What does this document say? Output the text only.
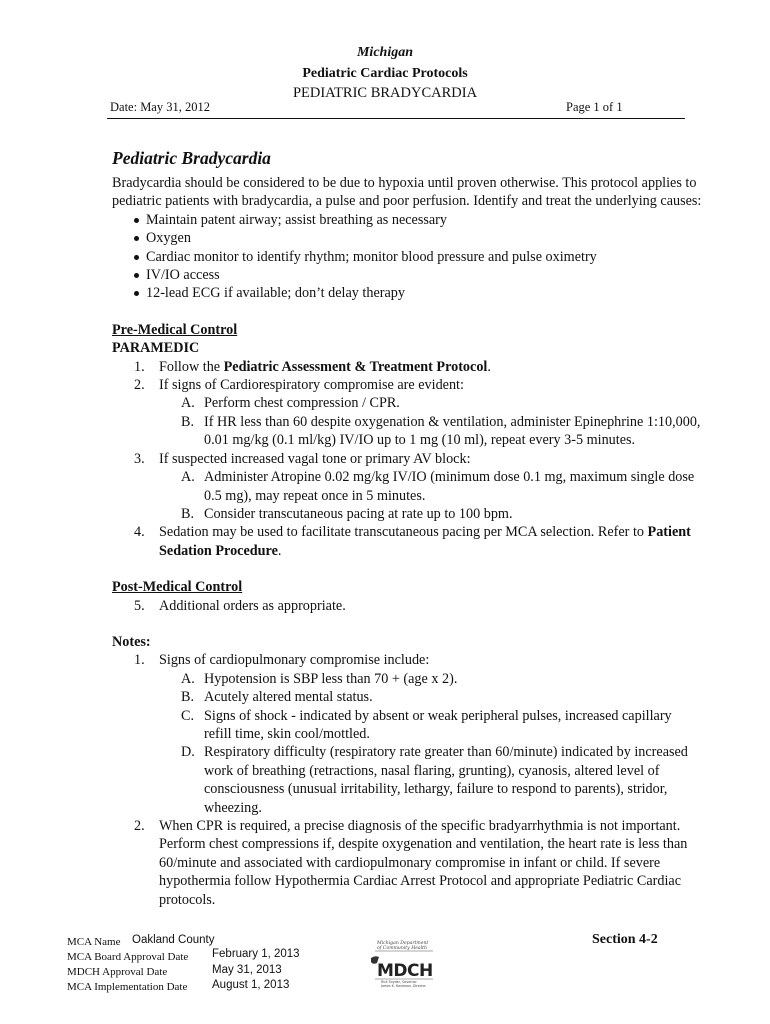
Michigan
Pediatric Cardiac Protocols
PEDIATRIC BRADYCARDIA
Date: May 31, 2012	Page 1 of 1
Pediatric Bradycardia

Bradycardia should be considered to be due to hypoxia until proven otherwise. This protocol applies to pediatric patients with bradycardia, a pulse and poor perfusion. Identify and treat the underlying causes:

Maintain patent airway; assist breathing as necessary
Oxygen
Cardiac monitor to identify rhythm; monitor blood pressure and pulse oximetry
IV/IO access
12-lead ECG if available; don’t delay therapy

Pre-Medical Control

PARAMEDIC

1. Follow the Pediatric Assessment & Treatment Protocol.
2. If signs of Cardiorespiratory compromise are evident:
A. Perform chest compression / CPR.
B. If HR less than 60 despite oxygenation & ventilation, administer Epinephrine 1:10,000, 0.01 mg/kg (0.1 ml/kg) IV/IO up to 1 mg (10 ml), repeat every 3-5 minutes.
3. If suspected increased vagal tone or primary AV block:
A. Administer Atropine 0.02 mg/kg IV/IO (minimum dose 0.1 mg, maximum single dose 0.5 mg), may repeat once in 5 minutes.
B. Consider transcutaneous pacing at rate up to 100 bpm.
4. Sedation may be used to facilitate transcutaneous pacing per MCA selection. Refer to Patient Sedation Procedure.

Post-Medical Control

5. Additional orders as appropriate.

Notes:

1. Signs of cardiopulmonary compromise include:
A. Hypotension is SBP less than 70 + (age x 2).
B. Acutely altered mental status.
C. Signs of shock - indicated by absent or weak peripheral pulses, increased capillary refill time, skin cool/mottled.
D. Respiratory difficulty (respiratory rate greater than 60/minute) indicated by increased work of breathing (retractions, nasal flaring, grunting), cyanosis, altered level of consciousness (unusual irritability, lethargy, failure to respond to parents), stridor, wheezing.
2. When CPR is required, a precise diagnosis of the specific bradyarrhythmia is not important. Perform chest compressions if, despite oxygenation and ventilation, the heart rate is less than 60/minute and associated with cardiopulmonary compromise in infant or child. If severe hypothermia follow Hypothermia Cardiac Arrest Protocol and appropriate Pediatric Cardiac protocols.
MCA Name Oakland County
MCA Board Approval Date February 1, 2013
MDCH Approval Date	May 31, 2013
MCA Implementation Date August 1, 2013
Section 4-2
Michigan Department
of Community Health
MDCH
Rick Snyder, Governor
James K. Haveman, Director
